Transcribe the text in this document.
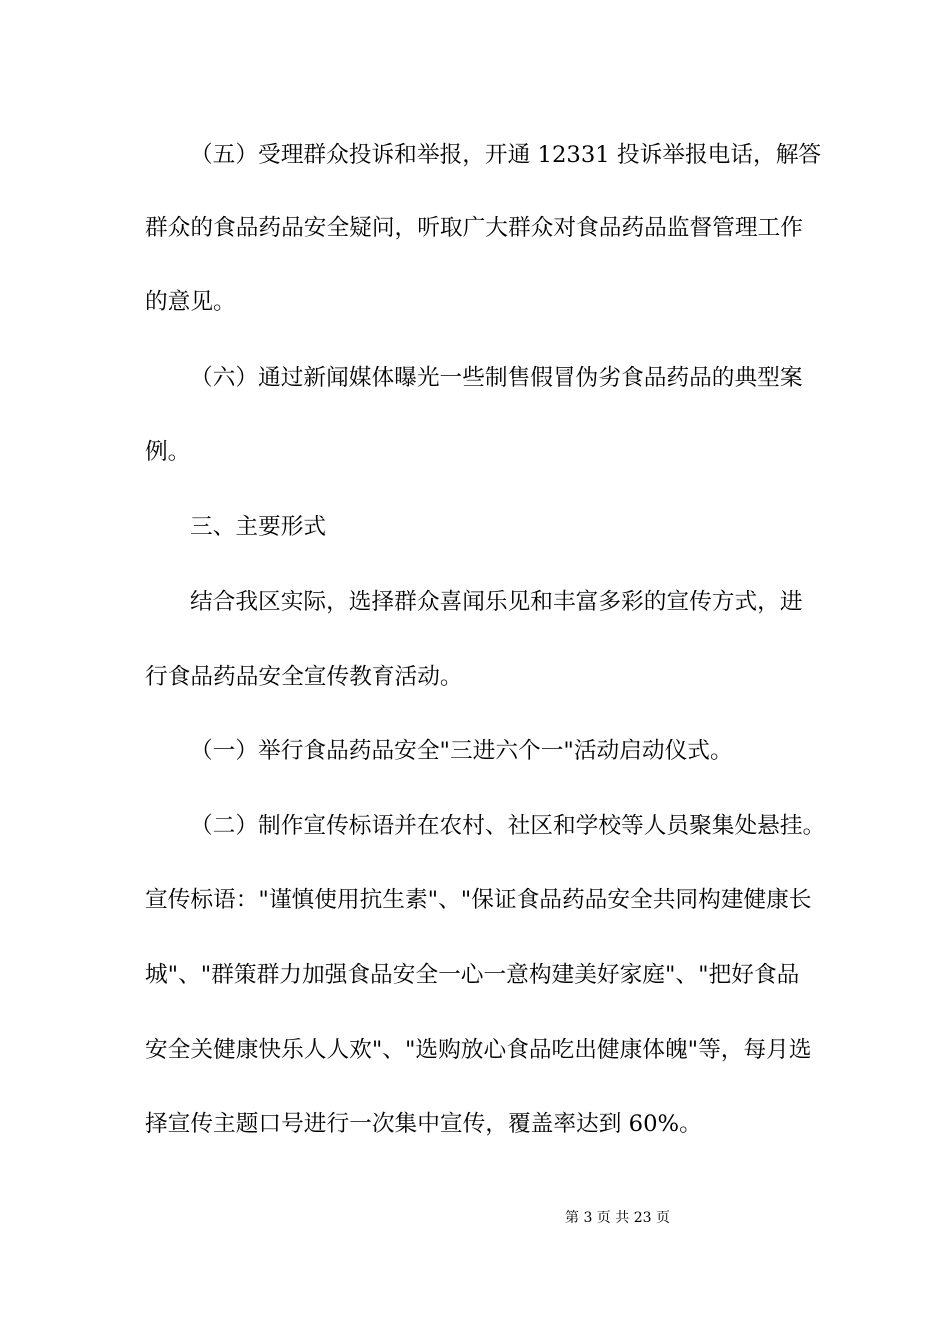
（五）受理群众投诉和举报，开通 12331 投诉举报电话，解答
群众的食品药品安全疑问，听取广大群众对食品药品监督管理工作
的意见。
（六）通过新闻媒体曝光一些制售假冒伪劣食品药品的典型案
例。
三、主要形式
结合我区实际，选择群众喜闻乐见和丰富多彩的宣传方式，进
行食品药品安全宣传教育活动。
（一）举行食品药品安全"三进六个一"活动启动仪式。
（二）制作宣传标语并在农村、社区和学校等人员聚集处悬挂。
宣传标语："谨慎使用抗生素"、"保证食品药品安全共同构建健康长
城"、"群策群力加强食品安全一心一意构建美好家庭"、"把好食品
安全关健康快乐人人欢"、"选购放心食品吃出健康体魄"等，每月选
择宣传主题口号进行一次集中宣传，覆盖率达到 60%。
第 3 页 共 23 页
